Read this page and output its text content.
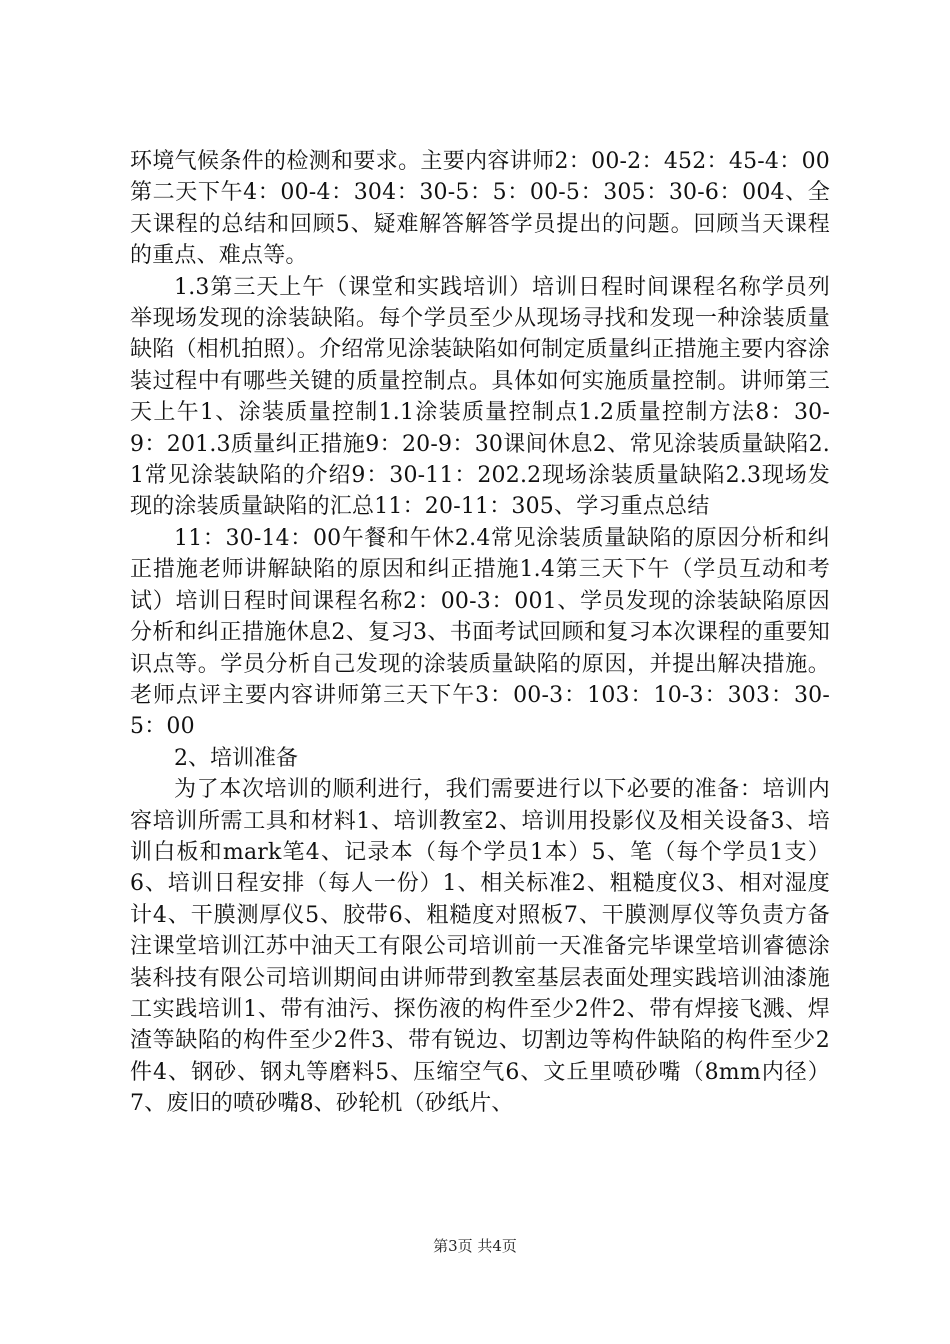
环境气候条件的检测和要求。主要内容讲师2：00-2：452：45-4：00第二天下午4：00-4：304：30-5：5：00-5：305：30-6：004、全天课程的总结和回顾5、疑难解答解答学员提出的问题。回顾当天课程的重点、难点等。

1.3第三天上午（课堂和实践培训）培训日程时间课程名称学员列举现场发现的涂装缺陷。每个学员至少从现场寻找和发现一种涂装质量缺陷（相机拍照）。介绍常见涂装缺陷如何制定质量纠正措施主要内容涂装过程中有哪些关键的质量控制点。具体如何实施质量控制。讲师第三天上午1、涂装质量控制1.1涂装质量控制点1.2质量控制方法8：30-9：201.3质量纠正措施9：20-9：30课间休息2、常见涂装质量缺陷2.1常见涂装缺陷的介绍9：30-11：202.2现场涂装质量缺陷2.3现场发现的涂装质量缺陷的汇总11：20-11：305、学习重点总结

11：30-14：00午餐和午休2.4常见涂装质量缺陷的原因分析和纠正措施老师讲解缺陷的原因和纠正措施1.4第三天下午（学员互动和考试）培训日程时间课程名称2：00-3：001、学员发现的涂装缺陷原因分析和纠正措施休息2、复习3、书面考试回顾和复习本次课程的重要知识点等。学员分析自己发现的涂装质量缺陷的原因，并提出解决措施。老师点评主要内容讲师第三天下午3：00-3：103：10-3：303：30-5：00

2、培训准备

为了本次培训的顺利进行，我们需要进行以下必要的准备：培训内容培训所需工具和材料1、培训教室2、培训用投影仪及相关设备3、培训白板和mark笔4、记录本（每个学员1本）5、笔（每个学员1支）6、培训日程安排（每人一份）1、相关标准2、粗糙度仪3、相对湿度计4、干膜测厚仪5、胶带6、粗糙度对照板7、干膜测厚仪等负责方备注课堂培训江苏中油天工有限公司培训前一天准备完毕课堂培训睿德涂装科技有限公司培训期间由讲师带到教室基层表面处理实践培训油漆施工实践培训1、带有油污、探伤液的构件至少2件2、带有焊接飞溅、焊渣等缺陷的构件至少2件3、带有锐边、切割边等构件缺陷的构件至少2件4、钢砂、钢丸等磨料5、压缩空气6、文丘里喷砂嘴（8mm内径）7、废旧的喷砂嘴8、砂轮机（砂纸片、

第3页 共4页
